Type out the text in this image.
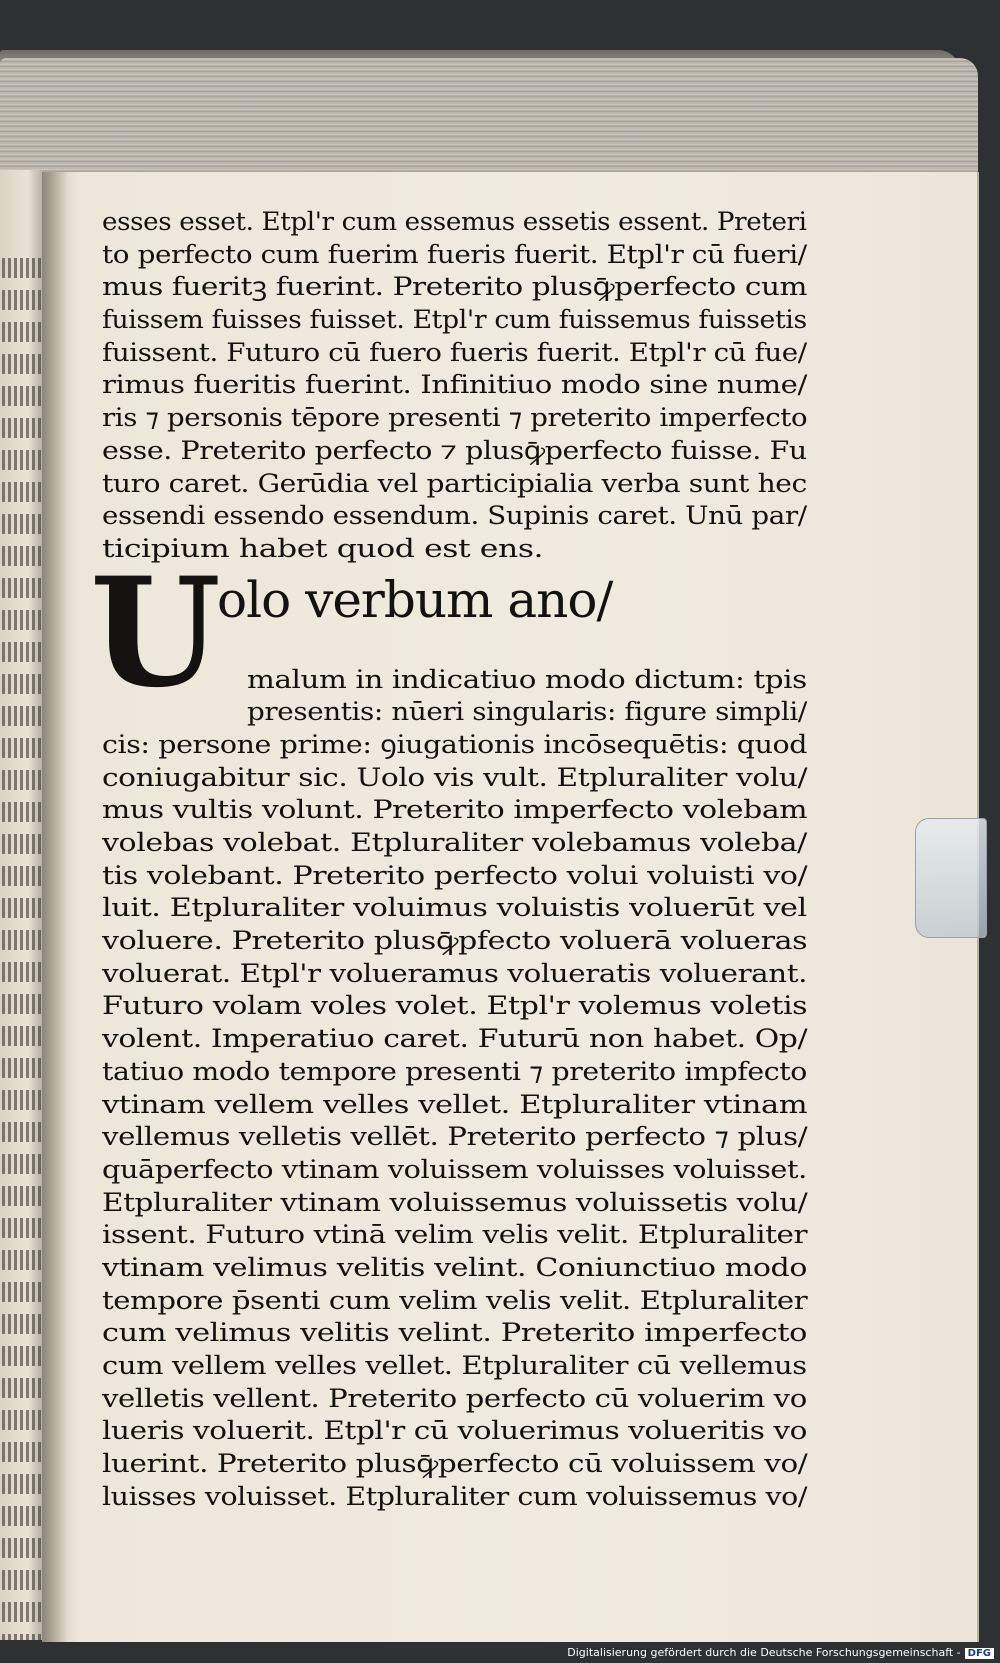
esses esset. Etpl'r cum essemus essetis essent. Preteri
to perfecto cum fuerim fueris fuerit. Etpl'r cū fueri/
mus fueritꝫ fuerint. Preterito plusꝙ̄perfecto cum
fuissem fuisses fuisset. Etpl'r cum fuissemus fuissetis
fuissent. Futuro cū fuero fueris fuerit. Etpl'r cū fue/
rimus fueritis fuerint. Infinitiuo modo sine nume/
ris ⁊ personis tēpore presenti ⁊ preterito imperfecto
esse. Preterito perfecto ⁊ plusꝙ̄perfecto fuisse. Fu
turo caret. Gerūdia vel participialia verba sunt hec
essendi essendo essendum. Supinis caret. Unū par/
ticipium habet quod est ens.
U
olo verbum ano/
malum in indicatiuo modo dictum: tpis
presentis: nūeri singularis: figure simpli/
cis: persone prime: ꝯiugationis incōsequētis: quod
coniugabitur sic. Uolo vis vult. Etpluraliter volu/
mus vultis volunt. Preterito imperfecto volebam
volebas volebat. Etpluraliter volebamus voleba/
tis volebant. Preterito perfecto volui voluisti vo/
luit. Etpluraliter voluimus voluistis voluerūt vel
voluere. Preterito plusꝙ̄pfecto voluerā volueras
voluerat. Etpl'r volueramus volueratis voluerant.
Futuro volam voles volet. Etpl'r volemus voletis
volent. Imperatiuo caret. Futurū non habet. Op/
tatiuo modo tempore presenti ⁊ preterito impfecto
vtinam vellem velles vellet. Etpluraliter vtinam
vellemus velletis vellēt. Preterito perfecto ⁊ plus/
quāperfecto vtinam voluissem voluisses voluisset.
Etpluraliter vtinam voluissemus voluissetis volu/
issent. Futuro vtinā velim velis velit. Etpluraliter
vtinam velimus velitis velint. Coniunctiuo modo
tempore p̄senti cum velim velis velit. Etpluraliter
cum velimus velitis velint. Preterito imperfecto
cum vellem velles vellet. Etpluraliter cū vellemus
velletis vellent. Preterito perfecto cū voluerim vo
lueris voluerit. Etpl'r cū voluerimus volueritis vo
luerint. Preterito plusꝙ̄perfecto cū voluissem vo/
luisses voluisset. Etpluraliter cum voluissemus vo/
Digitalisierung gefördert durch die Deutsche Forschungsgemeinschaft - DFG
